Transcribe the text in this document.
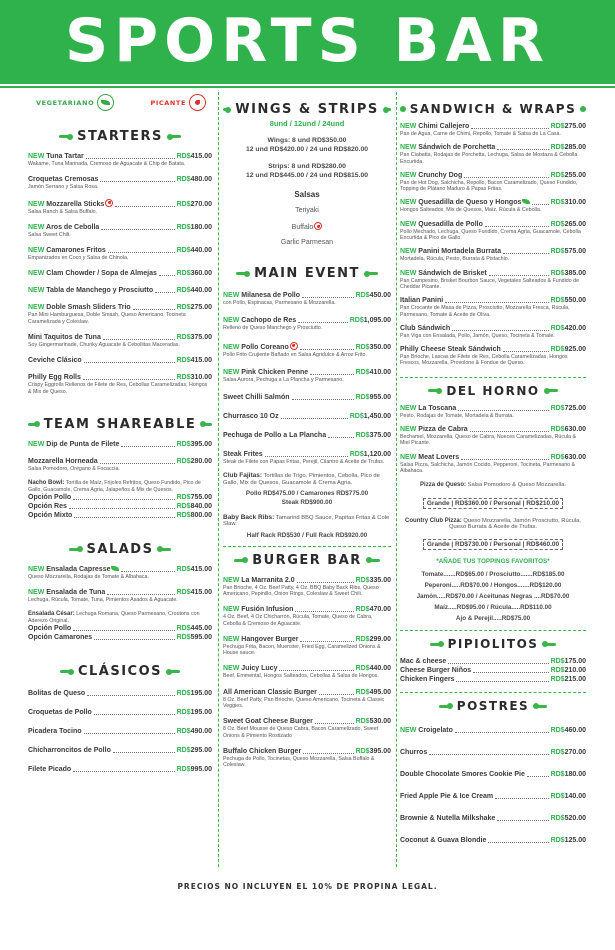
SPORTS BAR
VEGETARIANO	PICANTE
STARTERS
NEW Tuna Tartar	RD$415.00
Wakame, Tuna Marinada, Cremoso de Aguacate & Chip de Batata.
Croquetas Cremosas	RD$480.00
Jamón Serrano y Salsa Rosa.
NEW Mozzarella Sticks	RD$270.00
Salsa Ranch & Salsa Buffalo.
NEW Aros de Cebolla	RD$180.00
Salsa Sweet Chili.
NEW Camarones Fritos	RD$440.00
Empanizados en Coco y Salsa de Chinola.
NEW Clam Chowder / Sopa de Almejas	RD$360.00
NEW Tabla de Manchego y Prosciutto	RD$440.00
NEW Doble Smash Sliders Trio	RD$275.00
Pan Mini Hamburguesa, Doble Smash, Queso Americano, Tocineta Caramelizada y Coleslaw.
Mini Taquitos de Tuna	RD$375.00
Soy Gingermarinade, Chunky Aguacate & Cebollitas Maceradas.
Ceviche Clásico	RD$415.00
Philly Egg Rolls	RD$310.00
Crispy Eggrolls Rellenos de Filete de Res, Cebollas Caramelizadas, Hongos & Mix de Queso.
TEAM SHAREABLE
NEW Dip de Punta de Filete	RD$395.00
Mozzarella Horneada	RD$280.00
Salsa Pomodoro, Orégano & Focaccia.
Nacho Bowl: Tortilla de Maíz, Frijoles Refritos, Queso Fundido, Pico de Gallo, Guacamole, Crema Agria, Jalapeños & Mix de Quesos.
Opción Pollo	RD$755.00
Opción Res	RD$840.00
Opción Mixto	RD$800.00
SALADS
NEW Ensalada Capresse	RD$415.00
Queso Mozzarella, Rodajas de Tomate & Albahaca.
NEW Ensalada de Tuna	RD$415.00
Lechuga, Rúcula, Tomate, Tuna, Pimientos Asados & Aguacate.
Ensalada César: Lechuga Romana, Queso Parmesano, Croutons con Aderezo Original.
Opción Pollo	RD$445.00
Opción Camarones	RD$595.00
CLÁSICOS
Bolitas de Queso	RD$195.00
Croquetas de Pollo	RD$195.00
Picadera Tocino	RD$490.00
Chicharroncitos de Pollo	RD$295.00
Filete Picado	RD$995.00
WINGS & STRIPS
8und / 12und / 24und
Wings: 8 und RD$350.00
12 und RD$420.00 / 24 und RD$820.00
Strips: 8 und RD$280.00
12 und RD$445.00 / 24 und RD$815.00
Salsas
Teriyaki
Buffalo
Garlic Parmesan
MAIN EVENT
NEW Milanesa de Pollo	RD$450.00
con Pollo, Espinacas, Parmesano & Mozzarella.
NEW Cachopo de Res	RD$1,095.00
Relleno de Queso Manchego y Prosciutto.
NEW Pollo Coreano	RD$350.00
Pollo Frito Crujiente Bañado en Salsa Agridulce & Arroz Frito.
NEW Pink Chicken Penne	RD$410.00
Salsa Aurora, Pechuga a La Plancha y Parmesano.
Sweet Chilli Salmón	RD$955.00
Churrasco 10 Oz	RD$1,450.00
Pechuga de Pollo a La Plancha	RD$375.00
Steak Frites	RD$1,120.00
Steak de Filete con Papas Fritas, Perejil, Cilantro & Aceite de Trufas.
Club Fajitas: Tortillas de Trigo, Pimientos, Cebolla, Pico de Gallo, Mix de Quesos, Guacamole & Crema Agria.
Pollo RD$475.00 / Camarones RD$775.00
Steak RD$900.00
Baby Back Ribs: Tamarind BBQ Sauce, Papitas Fritas & Cole Slaw.
Half Rack RD$530 / Full Rack RD$920.00
BURGER BAR
NEW La Marranita 2.0	RD$335.00
Pan Brioche, 4 Oz. Beef Patty, 4 Oz. BBQ Baby Back Ribs, Queso Americano, Pepinillo, Onion Rings, Coleslaw & Sweet Chili.
NEW Fusión Infusion	RD$470.00
4 Oz. Beef, 4 Oz Chicharrón, Rúcula, Tomate, Queso de Cabra, Cebolla & Cremoso de Aguacate.
NEW Hangover Burger	RD$299.00
Pechuga Frita, Bacon, Muenster, Fried Egg, Caramelized Onions & House sauce.
NEW Juicy Lucy	RD$440.00
Beef, Emmental, Hongos Salteados, Cebollas & Salsa de Hongos.
All American Classic Burger	RD$495.00
8 Oz. Beef Patty, Pan Brioche, Queso Americano, Tocineta & Classic Veggies.
Sweet Goat Cheese Burger	RD$530.00
8 Oz. Beef Mousse de Queso Cabra, Bacon Caramelizado, Sweet Onions & Pimiento Rostizado
Buffalo Chicken Burger	RD$395.00
Pechuga de Pollo, Tocinetas, Queso Mozzarella, Salsa Buffalo & Coleslaw.
SANDWICH & WRAPS
NEW Chimi Callejero	RD$275.00
Pan de Agua, Carne de Chimi, Repollo, Tomate & Salsa de La Casa.
NEW Sándwich de Porchetta	RD$285.00
Pan Ciabatta, Rodajas de Porchetta, Lechuga, Salsa de Mostaza & Cebolla Encurtida.
NEW Crunchy Dog	RD$255.00
Pan de Hot Dog, Salchicha, Repollo, Bacon Caramelizado, Queso Fundido, Topping de Plátano Maduro & Papas Fritas.
NEW Quesadilla de Queso y Hongos	RD$310.00
Hongos Salteados, Mix de Quesos, Maíz, Rúcula & Cebolla.
NEW Quesadilla de Pollo	RD$265.00
Pollo Mechado, Lechuga, Queso Fundido, Crema Agria, Guacamole, Cebolla Encurtida & Pico de Gallo.
NEW Panini Mortadela Burrata	RD$575.00
Mortadela, Rúcula, Pesto, Burrata & Pistachio.
NEW Sándwich de Brisket	RD$385.00
Pan Campesino, Brisket Bourbon Sauce, Vegetales Salteados & Fundido de Cheddar Picante.
Italian Panini	RD$550.00
Pan Crocante de Masa de Pizza, Prosciutto, Mozzarella Fresca, Rúcula, Parmesano, Tomate & Aceite de Oliva.
Club Sándwich	RD$420.00
Pan Viga con Ensalada, Pollo, Jamón, Queso, Tocineta & Tomate.
Philly Cheese Steak Sándwich	RD$925.00
Pan Brioche, Lascas de Filete de Res, Cebolla Caramelizadas, Hongos Frescos, Mozzarella, Provolone & Fondue de Queso.
DEL HORNO
NEW La Toscana	RD$725.00
Pesto, Rodajas de Tomate, Mortadela & Burrata.
NEW Pizza de Cabra	RD$630.00
Bechamel, Mozzarella, Queso de Cabra, Nueces Caramelizadas, Rúcula & Miel Picante.
NEW Meat Lovers	RD$630.00
Salsa Pizza, Salchicha, Jamón Cocido, Pepperoni, Tocineta, Parmesano & Albahaca.
Pizza de Queso: Salsa Pomodoro & Queso Mozzarella.
Grande | RD$360.00 / Personal | RD$210.00
Country Club Pizza: Queso Mozzarella, Jamón Prosciutto, Rúcula, Queso Burrata & Aceite de Trufas.
Grande | RD$730.00 / Personal | RD$460.00
*AÑADE TUS TOPPINGS FAVORITOS*
Tomate.......RD$65.00 / Prosciutto.......RD$185.00
Peperoni.....RD$70.00 / Hongos.......RD$120.00
Jamón.....RD$70.00 / Aceitunas Negras ....RD$70.00
Maíz.....RD$95.00 / Rúcula.....RD$110.00
Ajo & Perejil.....RD$75.00
PIPIOLITOS
Mac & cheese	RD$175.00
Cheese Burger Niños	RD$210.00
Chicken Fingers	RD$215.00
POSTRES
NEW Croigelato	RD$460.00
Churros	RD$270.00
Double Chocolate Smores Cookie Pie	RD$180.00
Fried Apple Pie & Ice Cream	RD$140.00
Brownie & Nutella Milkshake	RD$520.00
Coconut & Guava Blondie	RD$125.00
PRECIOS NO INCLUYEN EL 10% DE PROPINA LEGAL.
